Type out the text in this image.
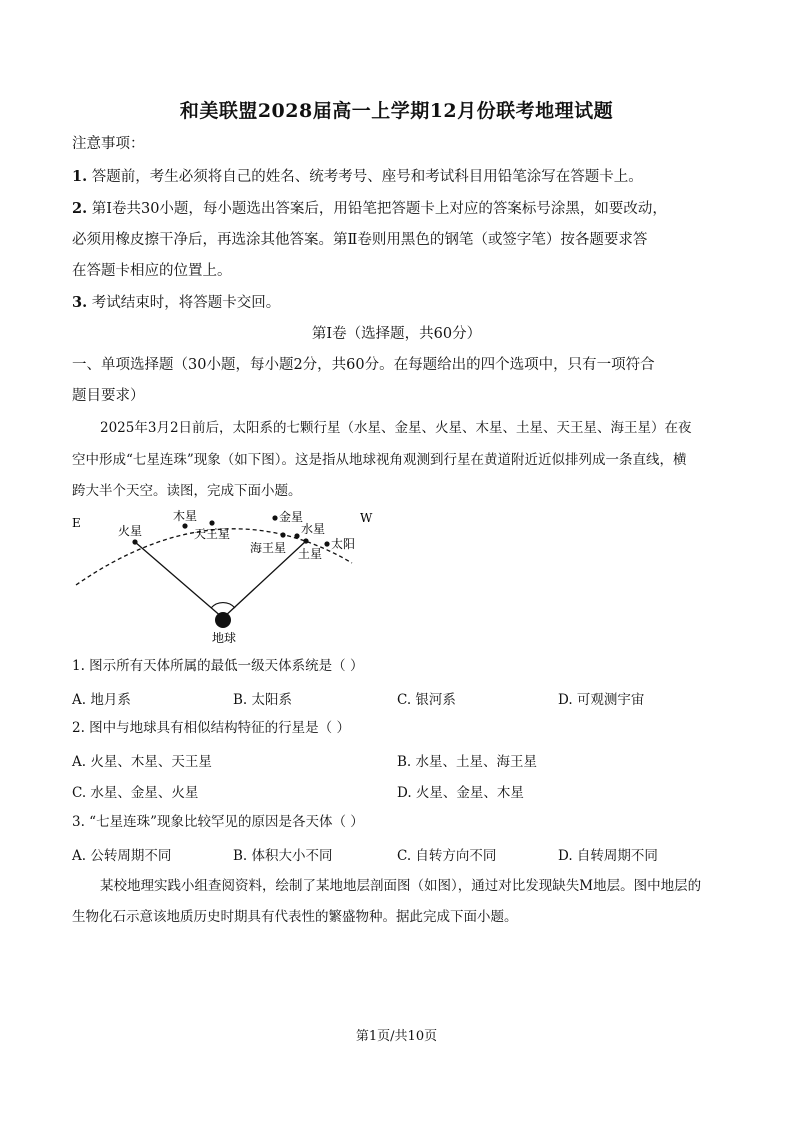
和美联盟2028届高一上学期12月份联考地理试题
注意事项：
1. 答题前，考生必须将自己的姓名、统考考号、座号和考试科目用铅笔涂写在答题卡上。
2. 第Ⅰ卷共30小题，每小题选出答案后，用铅笔把答题卡上对应的答案标号涂黑，如要改动，
必须用橡皮擦干净后，再选涂其他答案。第Ⅱ卷则用黑色的钢笔（或签字笔）按各题要求答
在答题卡相应的位置上。
3. 考试结束时，将答题卡交回。
第Ⅰ卷（选择题，共60分）
一、单项选择题（30小题，每小题2分，共60分。在每题给出的四个选项中，只有一项符合
题目要求）
2025年3月2日前后，太阳系的七颗行星（水星、金星、火星、木星、土星、天王星、海王星）在夜
空中形成“七星连珠”现象（如下图）。这是指从地球视角观测到行星在黄道附近近似排列成一条直线，横
跨大半个天空。读图，完成下面小题。
E	W
火星
木星
天王星
金星
水星
海王星 土星
太阳
地球
1. 图示所有天体所属的最低一级天体系统是（ ）
A. 地月系	B. 太阳系	C. 银河系	D. 可观测宇宙
2. 图中与地球具有相似结构特征的行星是（ ）
A. 火星、木星、天王星	B. 水星、土星、海王星
C. 水星、金星、火星	D. 火星、金星、木星
3. “七星连珠”现象比较罕见的原因是各天体（ ）
A. 公转周期不同	B. 体积大小不同	C. 自转方向不同	D. 自转周期不同
某校地理实践小组查阅资料，绘制了某地地层剖面图（如图），通过对比发现缺失M地层。图中地层的
生物化石示意该地质历史时期具有代表性的繁盛物种。据此完成下面小题。
第1页/共10页
